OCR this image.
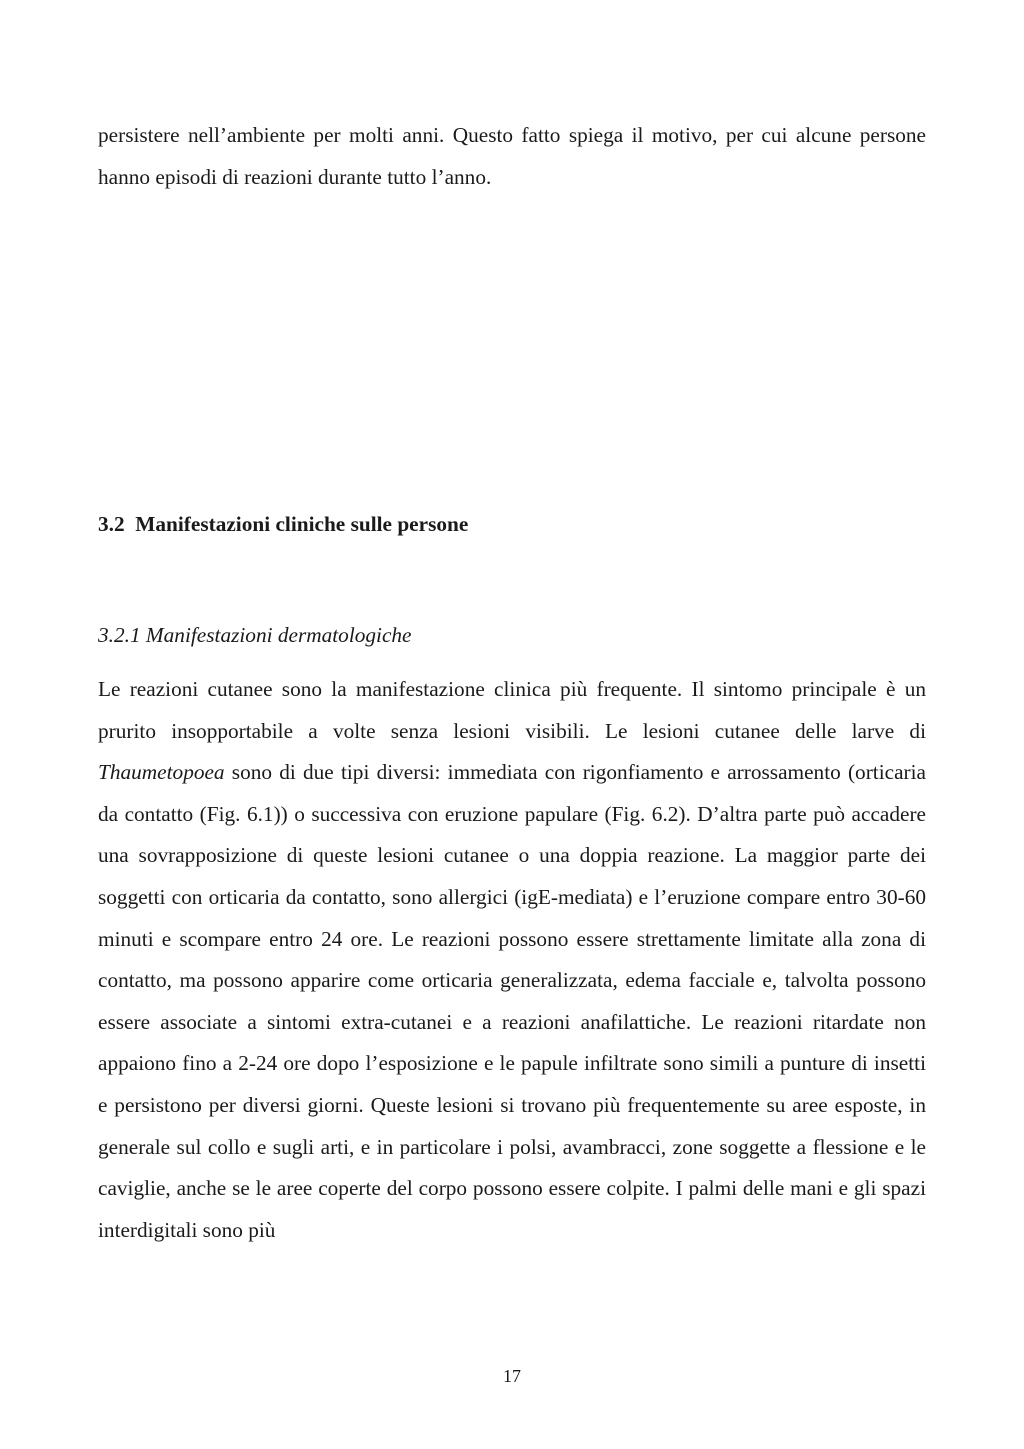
persistere nell’ambiente per molti anni. Questo fatto spiega il motivo, per cui alcune persone hanno episodi di reazioni durante tutto l’anno.

3.2  Manifestazioni cliniche sulle persone
3.2.1 Manifestazioni dermatologiche

Le reazioni cutanee sono la manifestazione clinica più frequente. Il sintomo principale è un prurito insopportabile a volte senza lesioni visibili. Le lesioni cutanee delle larve di Thaumetopoea sono di due tipi diversi: immediata con rigonfiamento e arrossamento (orticaria da contatto (Fig. 6.1)) o successiva con eruzione papulare (Fig. 6.2). D’altra parte può accadere una sovrapposizione di queste lesioni cutanee o una doppia reazione. La maggior parte dei soggetti con orticaria da contatto, sono allergici (igE-mediata) e l’eruzione compare entro 30-60 minuti e scompare entro 24 ore. Le reazioni possono essere strettamente limitate alla zona di contatto, ma possono apparire come orticaria generalizzata, edema facciale e, talvolta possono essere associate a sintomi extra-cutanei e a reazioni anafilattiche. Le reazioni ritardate non appaiono fino a 2-24 ore dopo l’esposizione e le papule infiltrate sono simili a punture di insetti e persistono per diversi giorni. Queste lesioni si trovano più frequentemente su aree esposte, in generale sul collo e sugli arti, e in particolare i polsi, avambracci, zone soggette a flessione e le caviglie, anche se le aree coperte del corpo possono essere colpite. I palmi delle mani e gli spazi interdigitali sono più

17
